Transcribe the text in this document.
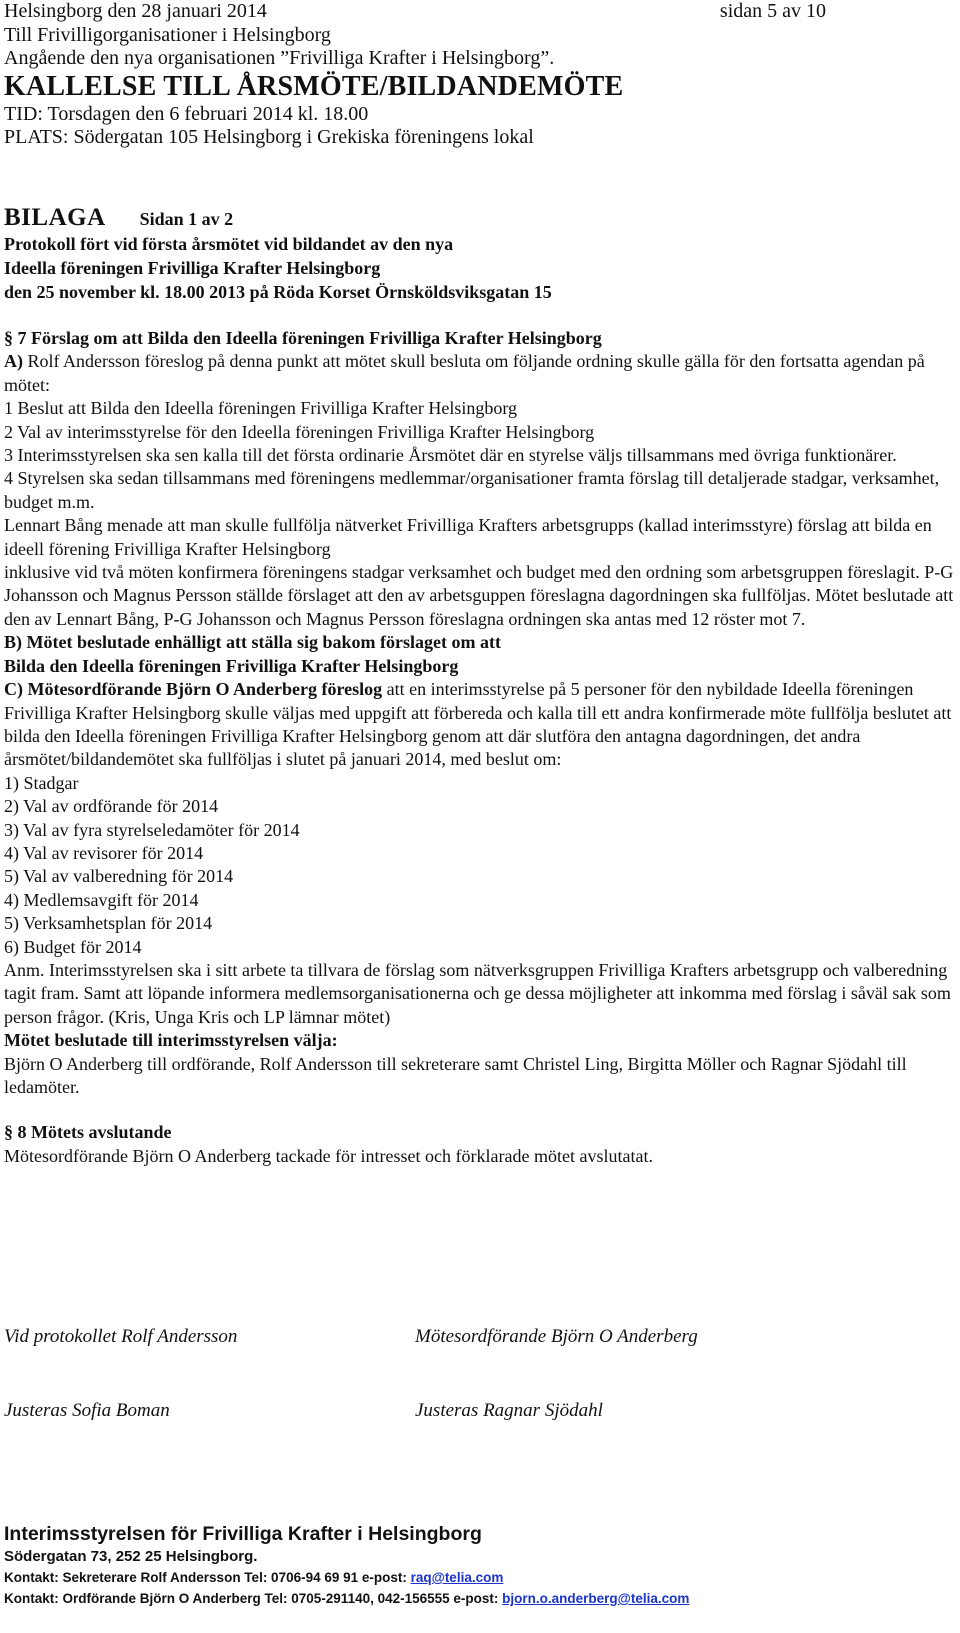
Helsingborg den 28 januari 2014	sidan 5 av 10
Till Frivilligorganisationer i Helsingborg
Angående den nya organisationen ”Frivilliga Krafter i Helsingborg”.
KALLELSE TILL ÅRSMÖTE/BILDANDEMÖTE
TID: Torsdagen den 6 februari 2014 kl. 18.00
PLATS: Södergatan 105 Helsingborg i Grekiska föreningens lokal
BILAGA Sidan 1 av 2
Protokoll fört vid första årsmötet vid bildandet av den nya
Ideella föreningen Frivilliga Krafter Helsingborg
den 25 november kl. 18.00 2013 på Röda Korset Örnsköldsviksgatan 15

§ 7 Förslag om att Bilda den Ideella föreningen Frivilliga Krafter Helsingborg

A) Rolf Andersson föreslog på denna punkt att mötet skull besluta om följande ordning skulle gälla för den fortsatta agendan på mötet:

1 Beslut att Bilda den Ideella föreningen Frivilliga Krafter Helsingborg

2 Val av interimsstyrelse för den Ideella föreningen Frivilliga Krafter Helsingborg

3 Interimsstyrelsen ska sen kalla till det första ordinarie Årsmötet där en styrelse väljs tillsammans med övriga funktionärer.

4 Styrelsen ska sedan tillsammans med föreningens medlemmar/organisationer framta förslag till detaljerade stadgar, verksamhet, budget m.m.

Lennart Bång menade att man skulle fullfölja nätverket Frivilliga Krafters arbetsgrupps (kallad interimsstyre) förslag att bilda en ideell förening Frivilliga Krafter Helsingborg

inklusive vid två möten konfirmera föreningens stadgar verksamhet och budget med den ordning som arbetsgruppen föreslagit. P-G Johansson och Magnus Persson ställde förslaget att den av arbetsguppen föreslagna dagordningen ska fullföljas. Mötet beslutade att den av Lennart Bång, P-G Johansson och Magnus Persson föreslagna ordningen ska antas med 12 röster mot 7.

B) Mötet beslutade enhälligt att ställa sig bakom förslaget om att

Bilda den Ideella föreningen Frivilliga Krafter Helsingborg

C) Mötesordförande Björn O Anderberg föreslog att en interimsstyrelse på 5 personer för den nybildade Ideella föreningen Frivilliga Krafter Helsingborg skulle väljas med uppgift att förbereda och kalla till ett andra konfirmerade möte fullfölja beslutet att bilda den Ideella föreningen Frivilliga Krafter Helsingborg genom att där slutföra den antagna dagordningen, det andra årsmötet/bildandemötet ska fullföljas i slutet på januari 2014, med beslut om:

1) Stadgar

2) Val av ordförande för 2014

3) Val av fyra styrelseledamöter för 2014

4) Val av revisorer för 2014

5) Val av valberedning för 2014

4) Medlemsavgift för 2014

5) Verksamhetsplan för 2014

6) Budget för 2014

Anm. Interimsstyrelsen ska i sitt arbete ta tillvara de förslag som nätverksgruppen Frivilliga Krafters arbetsgrupp och valberedning tagit fram. Samt att löpande informera medlemsorganisationerna och ge dessa möjligheter att inkomma med förslag i såväl sak som person frågor. (Kris, Unga Kris och LP lämnar mötet)

Mötet beslutade till interimsstyrelsen välja:

Björn O Anderberg till ordförande, Rolf Andersson till sekreterare samt Christel Ling, Birgitta Möller och Ragnar Sjödahl till ledamöter.

§ 8 Mötets avslutande

Mötesordförande Björn O Anderberg tackade för intresset och förklarade mötet avslutatat.

Vid protokollet Rolf Andersson	Mötesordförande Björn O Anderberg
Justeras Sofia Boman	Justeras Ragnar Sjödahl
Interimsstyrelsen för Frivilliga Krafter i Helsingborg
Södergatan 73, 252 25 Helsingborg.
Kontakt: Sekreterare Rolf Andersson Tel: 0706-94 69 91 e-post: raq@telia.com
Kontakt: Ordförande Björn O Anderberg Tel: 0705-291140, 042-156555 e-post: bjorn.o.anderberg@telia.com
